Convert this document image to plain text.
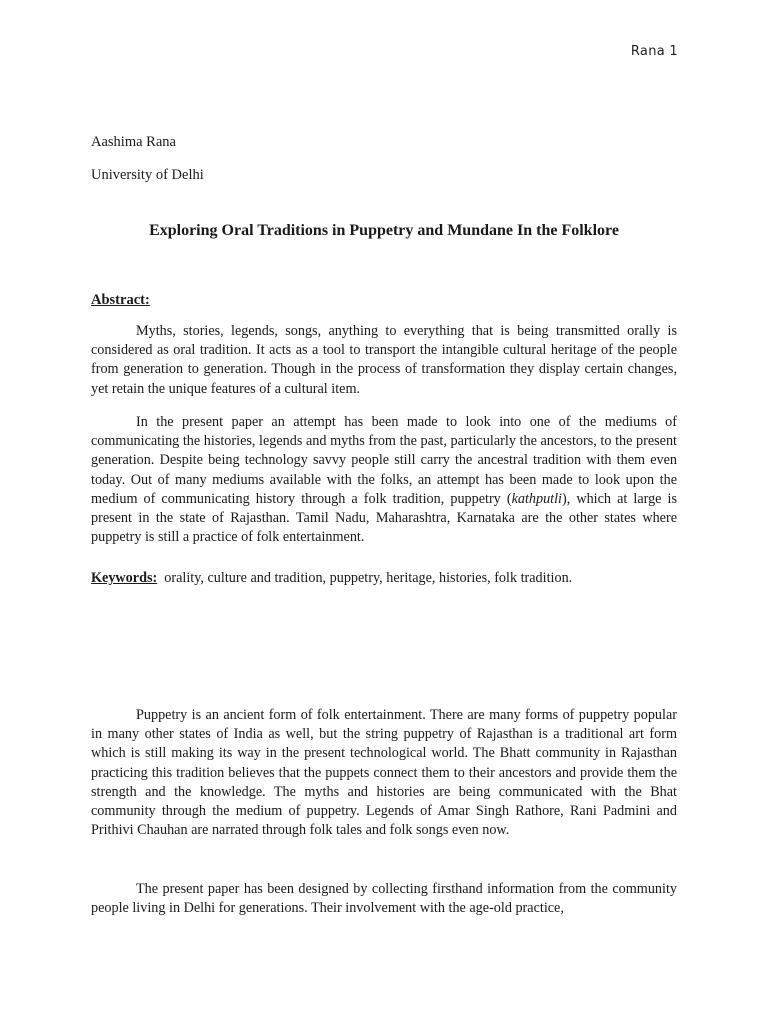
Rana 1
Aashima Rana
University of Delhi
Exploring Oral Traditions in Puppetry and Mundane In the Folklore
Abstract:

Myths, stories, legends, songs, anything to everything that is being transmitted orally is considered as oral tradition. It acts as a tool to transport the intangible cultural heritage of the people from generation to generation. Though in the process of transformation they display certain changes, yet retain the unique features of a cultural item.

In the present paper an attempt has been made to look into one of the mediums of communicating the histories, legends and myths from the past, particularly the ancestors, to the present generation. Despite being technology savvy people still carry the ancestral tradition with them even today. Out of many mediums available with the folks, an attempt has been made to look upon the medium of communicating history through a folk tradition, puppetry (kathputli), which at large is present in the state of Rajasthan. Tamil Nadu, Maharashtra, Karnataka are the other states where puppetry is still a practice of folk entertainment.

Keywords:  orality, culture and tradition, puppetry, heritage, histories, folk tradition.

Puppetry is an ancient form of folk entertainment. There are many forms of puppetry popular in many other states of India as well, but the string puppetry of Rajasthan is a traditional art form which is still making its way in the present technological world. The Bhatt community in Rajasthan practicing this tradition believes that the puppets connect them to their ancestors and provide them the strength and the knowledge. The myths and histories are being communicated with the Bhat community through the medium of puppetry. Legends of Amar Singh Rathore, Rani Padmini and Prithivi Chauhan are narrated through folk tales and folk songs even now.

The present paper has been designed by collecting firsthand information from the community people living in Delhi for generations. Their involvement with the age-old practice,
